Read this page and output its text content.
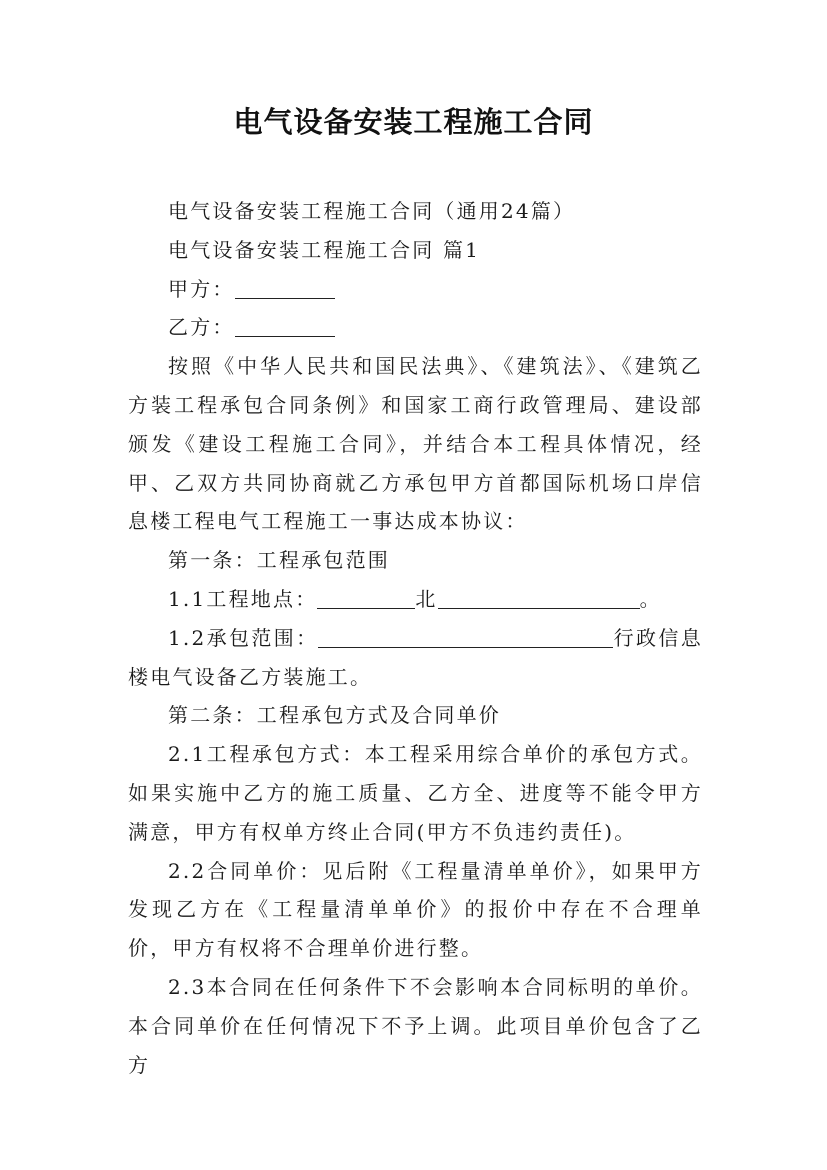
电气设备安装工程施工合同

电气设备安装工程施工合同（通用24篇）

电气设备安装工程施工合同 篇1

甲方：

乙方：

按照《中华人民共和国民法典》、《建筑法》、《建筑乙方装工程承包合同条例》和国家工商行政管理局、建设部颁发《建设工程施工合同》，并结合本工程具体情况，经甲、乙双方共同协商就乙方承包甲方首都国际机场口岸信息楼工程电气工程施工一事达成本协议：

第一条：工程承包范围

1.1工程地点：	北	。

1.2承包范围：	行政信息楼电气设备乙方装施工。

第二条：工程承包方式及合同单价

2.1工程承包方式：本工程采用综合单价的承包方式。如果实施中乙方的施工质量、乙方全、进度等不能令甲方满意，甲方有权单方终止合同(甲方不负违约责任)。

2.2合同单价：见后附《工程量清单单价》，如果甲方发现乙方在《工程量清单单价》的报价中存在不合理单价，甲方有权将不合理单价进行整。

2.3本合同在任何条件下不会影响本合同标明的单价。本合同单价在任何情况下不予上调。此项目单价包含了乙方
